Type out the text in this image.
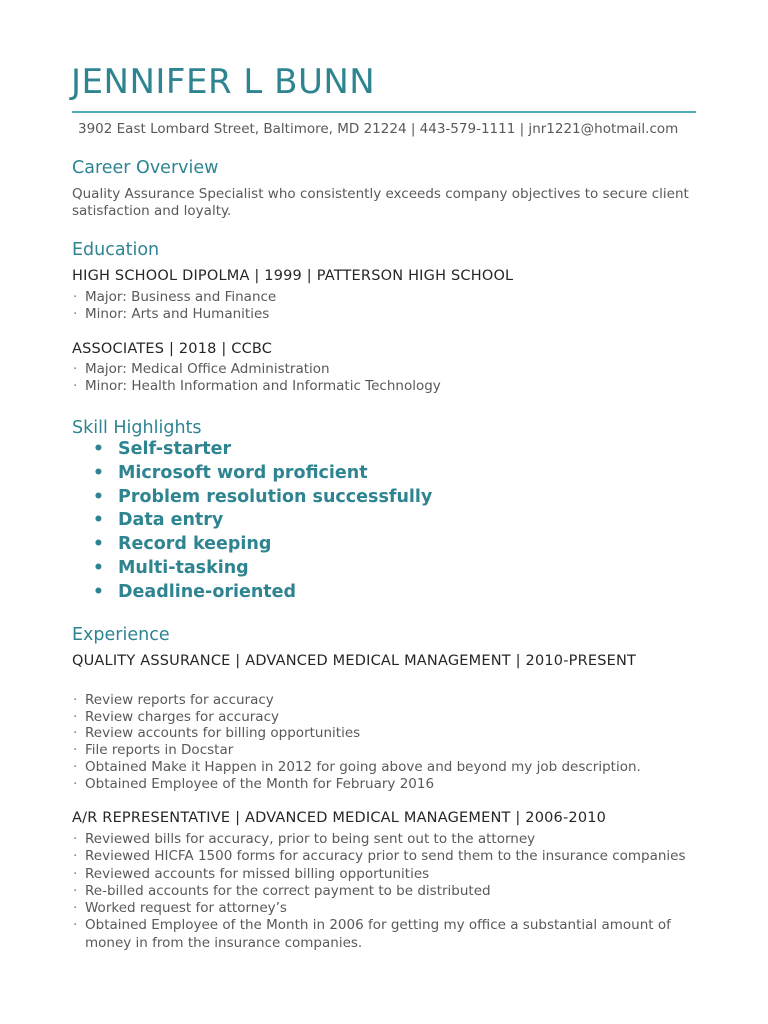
JENNIFER L BUNN
3902 East Lombard Street, Baltimore, MD 21224 | 443-579-1111 | jnr1221@hotmail.com
Career Overview

Quality Assurance Specialist who consistently exceeds company objectives to secure client satisfaction and loyalty.

Education

HIGH SCHOOL DIPOLMA | 1999 | PATTERSON HIGH SCHOOL

· Major: Business and Finance
· Minor: Arts and Humanities

ASSOCIATES | 2018 | CCBC

· Major: Medical Office Administration
· Minor: Health Information and Informatic Technology
Skill Highlights
• Self-starter
• Microsoft word proficient
• Problem resolution successfully
• Data entry
• Record keeping
• Multi-tasking
• Deadline-oriented
Experience

QUALITY ASSURANCE | ADVANCED MEDICAL MANAGEMENT | 2010-PRESENT

· Review reports for accuracy
· Review charges for accuracy
· Review accounts for billing opportunities
· File reports in Docstar
· Obtained Make it Happen in 2012 for going above and beyond my job description.
· Obtained Employee of the Month for February 2016

A/R REPRESENTATIVE | ADVANCED MEDICAL MANAGEMENT | 2006-2010

· Reviewed bills for accuracy, prior to being sent out to the attorney
· Reviewed HICFA 1500 forms for accuracy prior to send them to the insurance companies
· Reviewed accounts for missed billing opportunities
· Re-billed accounts for the correct payment to be distributed
· Worked request for attorney’s
· Obtained Employee of the Month in 2006 for getting my office a substantial amount of money in from the insurance companies.
